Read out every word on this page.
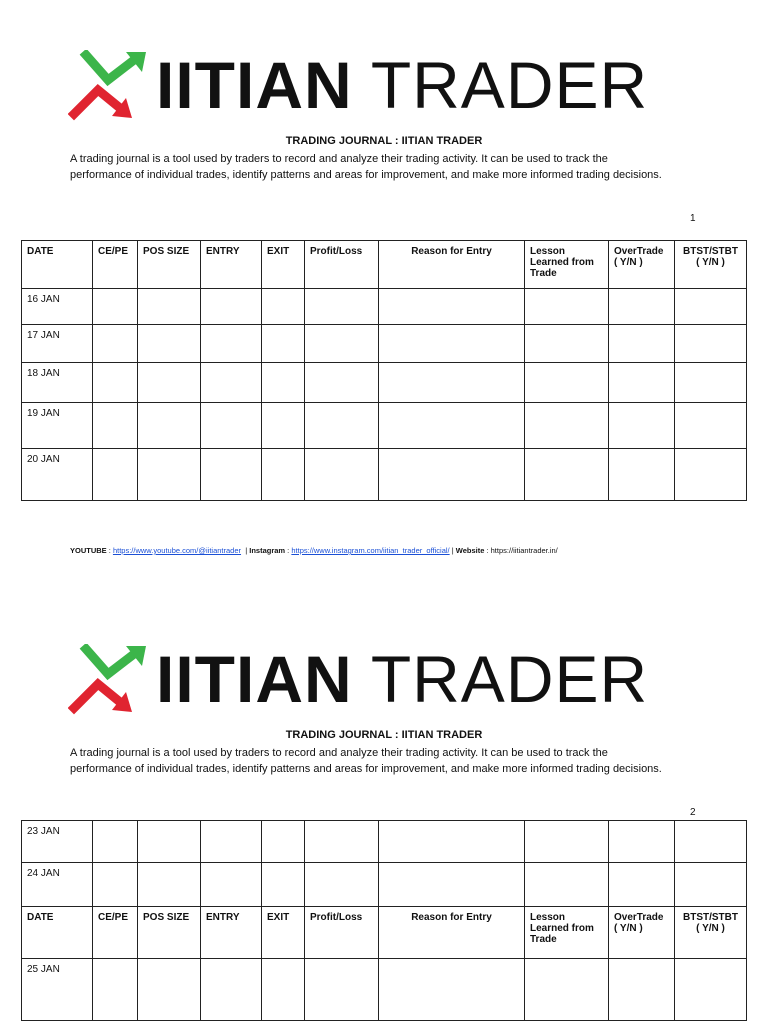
IITIAN TRADER
TRADING JOURNAL : IITIAN TRADER
A trading journal is a tool used by traders to record and analyze their trading activity. It can be used to track the performance of individual trades, identify patterns and areas for improvement, and make more informed trading decisions.
1
DATE	CE/PE	POS SIZE	ENTRY	EXIT	Profit/Loss	Reason for Entry	Lesson Learned from Trade	OverTrade ( Y/N )	BTST/STBT ( Y/N )
16 JAN									
17 JAN									
18 JAN									
19 JAN									
20 JAN									
YOUTUBE : https://www.youtube.com/@iitiantrader  | Instagram : https://www.instagram.com/iitian_trader_official/ | Website : https://iitiantrader.in/
IITIAN TRADER
TRADING JOURNAL : IITIAN TRADER
A trading journal is a tool used by traders to record and analyze their trading activity. It can be used to track the performance of individual trades, identify patterns and areas for improvement, and make more informed trading decisions.
2
23 JAN									
24 JAN									
DATE	CE/PE	POS SIZE	ENTRY	EXIT	Profit/Loss	Reason for Entry	Lesson Learned from Trade	OverTrade ( Y/N )	BTST/STBT ( Y/N )
25 JAN									
